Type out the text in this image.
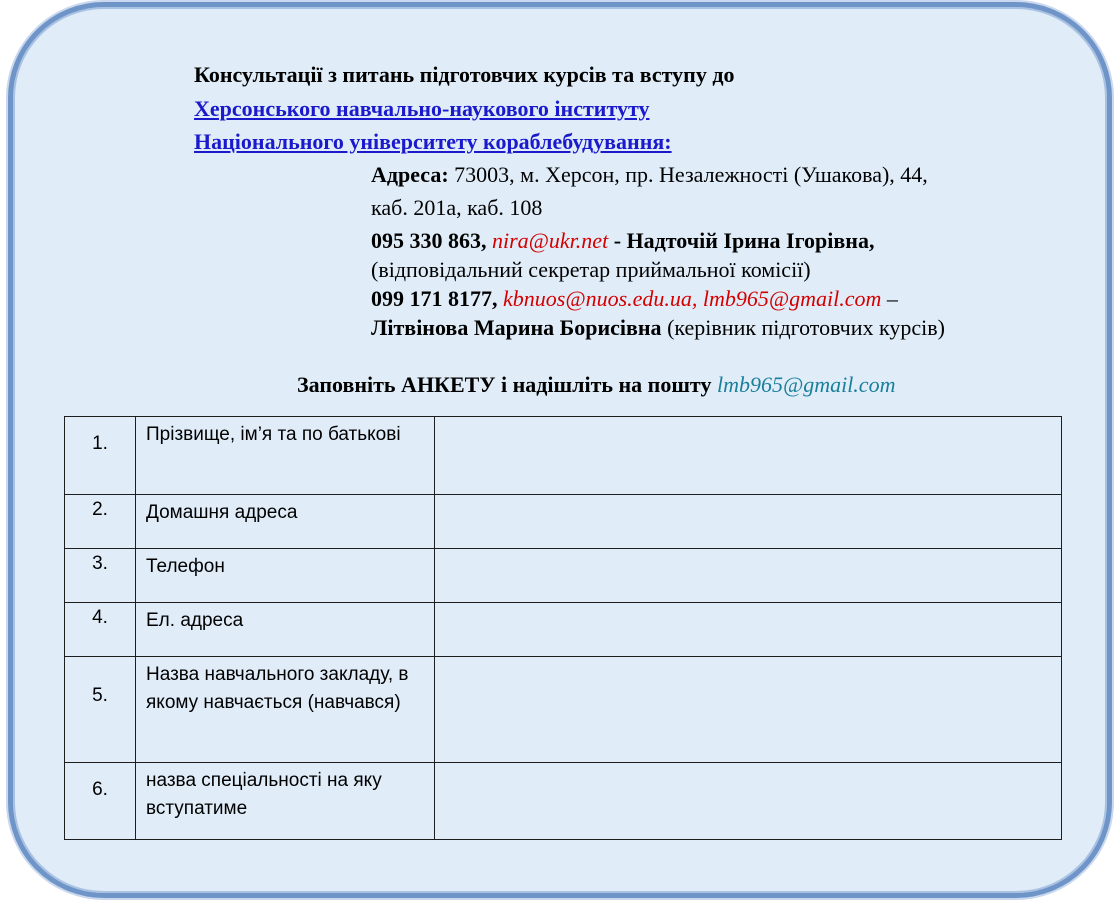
Консультації з питань підготовчих курсів та вступу до
Херсонського навчально-наукового інституту
Національного університету кораблебудування:
Адреса: 73003, м. Херсон, пр. Незалежності (Ушакова), 44,
каб. 201а, каб. 108
095 330 863, nira@ukr.net - Надточій Ірина Ігорівна,
(відповідальний секретар приймальної комісії)
099 171 8177, kbnuos@nuos.edu.ua, lmb965@gmail.com –
Літвінова Марина Борисівна (керівник підготовчих курсів)
Заповніть АНКЕТУ і надішліть на пошту lmb965@gmail.com
1.	Прізвище, ім’я та по батькові	

2.	Домашня адреса	

3.	Телефон	

4.	Ел. адреса	

5.	Назва навчального закладу, в якому навчається (навчався)	

6.	назва спеціальності на яку вступатиме	
